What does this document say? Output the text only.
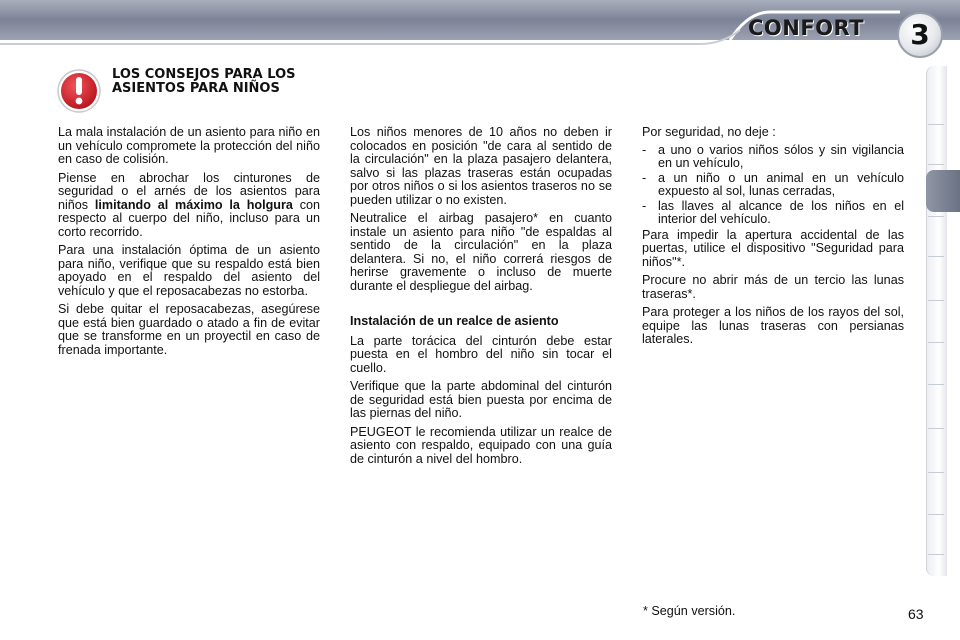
CONFORT	3
LOS CONSEJOS PARA LOS ASIENTOS PARA NIÑOS

La mala instalación de un asiento para niño en un vehículo compromete la protección del niño en caso de colisión.

Piense en abrochar los cinturones de seguridad o el arnés de los asientos para niños limitando al máximo la holgura con respecto al cuerpo del niño, incluso para un corto recorrido.

Para una instalación óptima de un asiento para niño, verifique que su respaldo está bien apoyado en el respaldo del asiento del vehículo y que el reposacabezas no estorba.

Si debe quitar el reposacabezas, asegúrese que está bien guardado o atado a fin de evitar que se transforme en un proyectil en caso de frenada importante.

Los niños menores de 10 años no deben ir colocados en posición "de cara al sentido de la circulación" en la plaza pasajero delantera, salvo si las plazas traseras están ocupadas por otros niños o si los asientos traseros no se pueden utilizar o no existen.

Neutralice el airbag pasajero* en cuanto instale un asiento para niño "de espaldas al sentido de la circulación" en la plaza delantera. Si no, el niño correrá riesgos de herirse gravemente o incluso de muerte durante el despliegue del airbag.

Instalación de un realce de asiento

La parte torácica del cinturón debe estar puesta en el hombro del niño sin tocar el cuello.

Verifique que la parte abdominal del cinturón de seguridad está bien puesta por encima de las piernas del niño.

PEUGEOT le recomienda utilizar un realce de asiento con respaldo, equipado con una guía de cinturón a nivel del hombro.

Por seguridad, no deje :

- a uno o varios niños sólos y sin vigilancia en un vehículo,
- a un niño o un animal en un vehículo expuesto al sol, lunas cerradas,
- las llaves al alcance de los niños en el interior del vehículo.

Para impedir la apertura accidental de las puertas, utilice el dispositivo "Seguridad para niños"*.

Procure no abrir más de un tercio las lunas traseras*.

Para proteger a los niños de los rayos del sol, equipe las lunas traseras con persianas laterales.

* Según versión.	63
